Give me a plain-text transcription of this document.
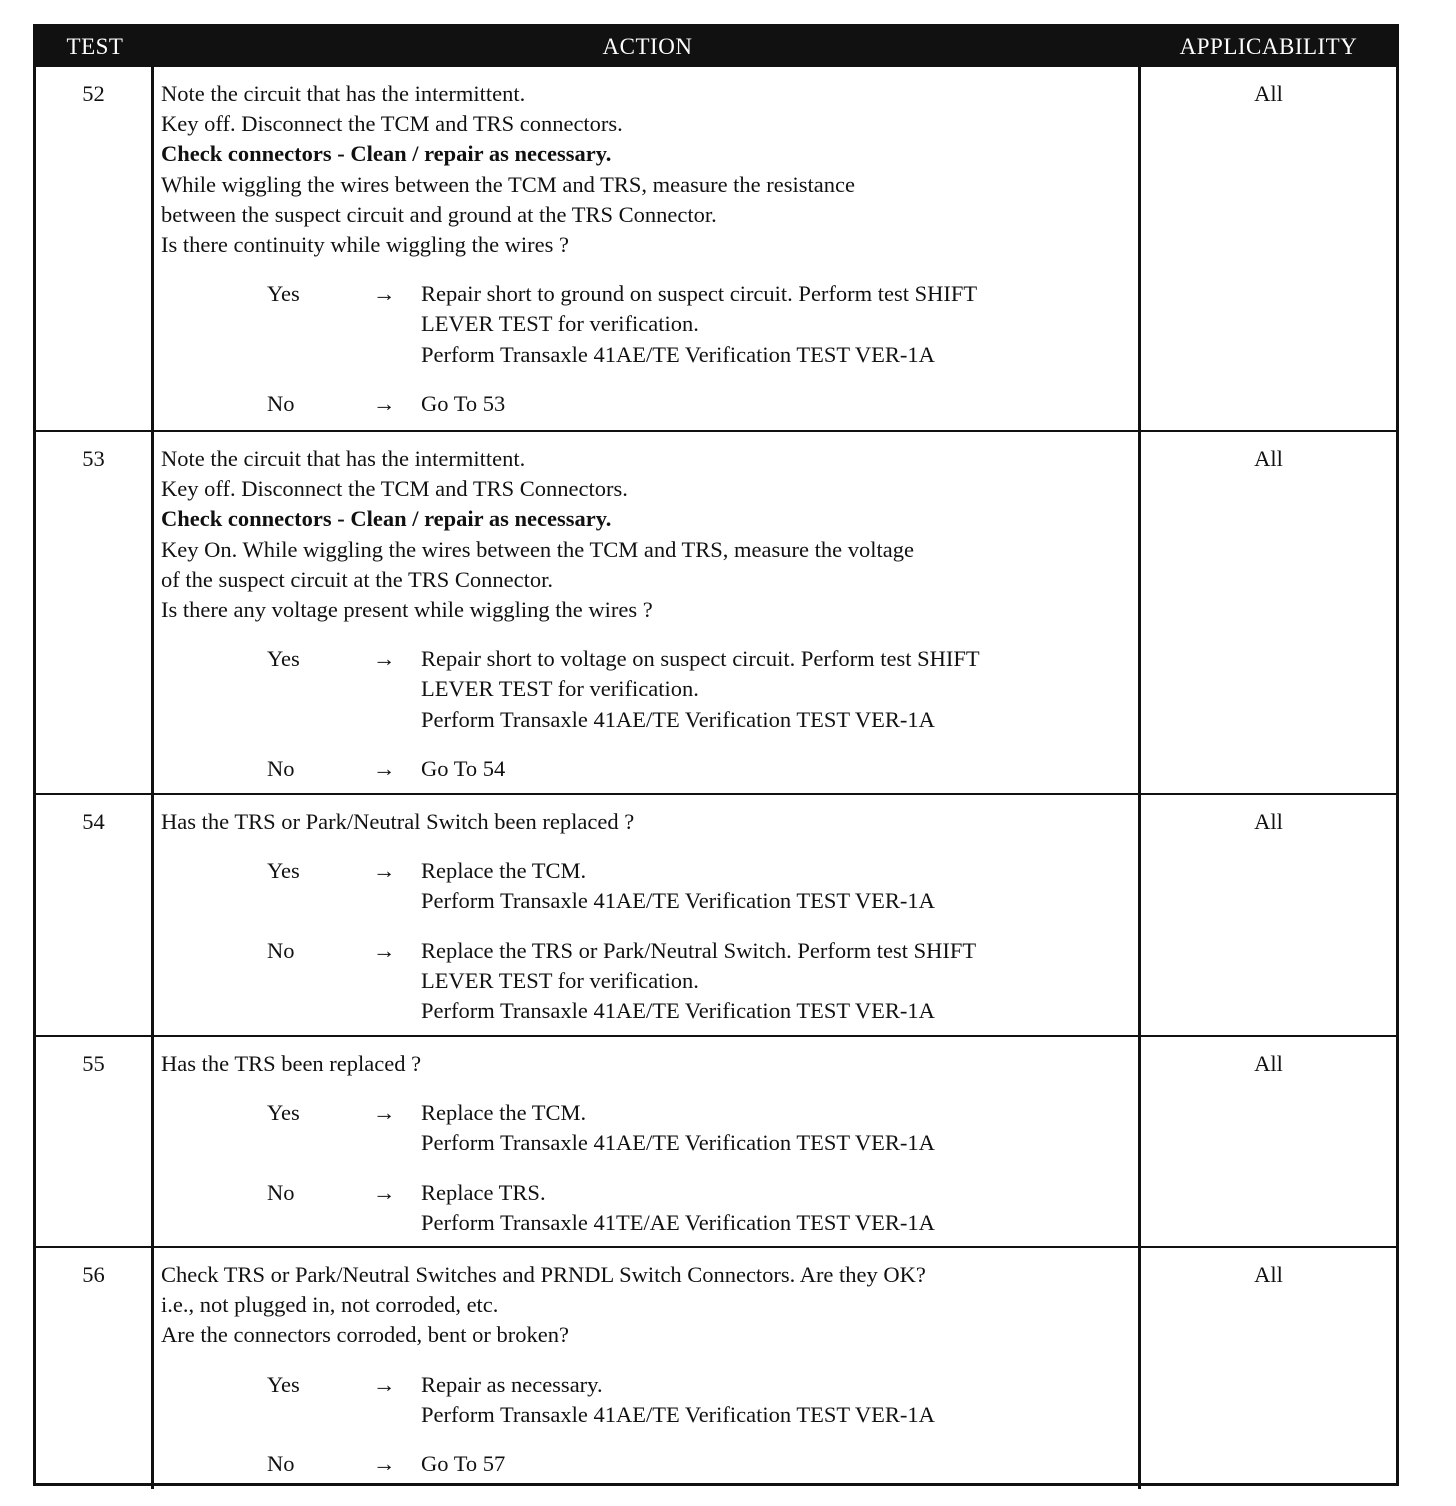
TEST	ACTION	APPLICABILITY
52	Note the circuit that has the intermittent.
Key off. Disconnect the TCM and TRS connectors.
Check connectors - Clean / repair as necessary.
While wiggling the wires between the TCM and TRS, measure the resistance
between the suspect circuit and ground at the TRS Connector.
Is there continuity while wiggling the wires ?
Yes	→	Repair short to ground on suspect circuit. Perform test SHIFT
LEVER TEST for verification.
Perform Transaxle 41AE/TE Verification TEST VER-1A
No	→	Go To 53
All
53	Note the circuit that has the intermittent.
Key off. Disconnect the TCM and TRS Connectors.
Check connectors - Clean / repair as necessary.
Key On. While wiggling the wires between the TCM and TRS, measure the voltage
of the suspect circuit at the TRS Connector.
Is there any voltage present while wiggling the wires ?
Yes	→	Repair short to voltage on suspect circuit. Perform test SHIFT
LEVER TEST for verification.
Perform Transaxle 41AE/TE Verification TEST VER-1A
No	→	Go To 54
All
54	Has the TRS or Park/Neutral Switch been replaced ?
Yes	→	Replace the TCM.
Perform Transaxle 41AE/TE Verification TEST VER-1A
No	→	Replace the TRS or Park/Neutral Switch. Perform test SHIFT
LEVER TEST for verification.
Perform Transaxle 41AE/TE Verification TEST VER-1A
All
55	Has the TRS been replaced ?
Yes	→	Replace the TCM.
Perform Transaxle 41AE/TE Verification TEST VER-1A
No	→	Replace TRS.
Perform Transaxle 41TE/AE Verification TEST VER-1A
All
56	Check TRS or Park/Neutral Switches and PRNDL Switch Connectors. Are they OK?
i.e., not plugged in, not corroded, etc.
Are the connectors corroded, bent or broken?
Yes	→	Repair as necessary.
Perform Transaxle 41AE/TE Verification TEST VER-1A
No	→	Go To 57
All
